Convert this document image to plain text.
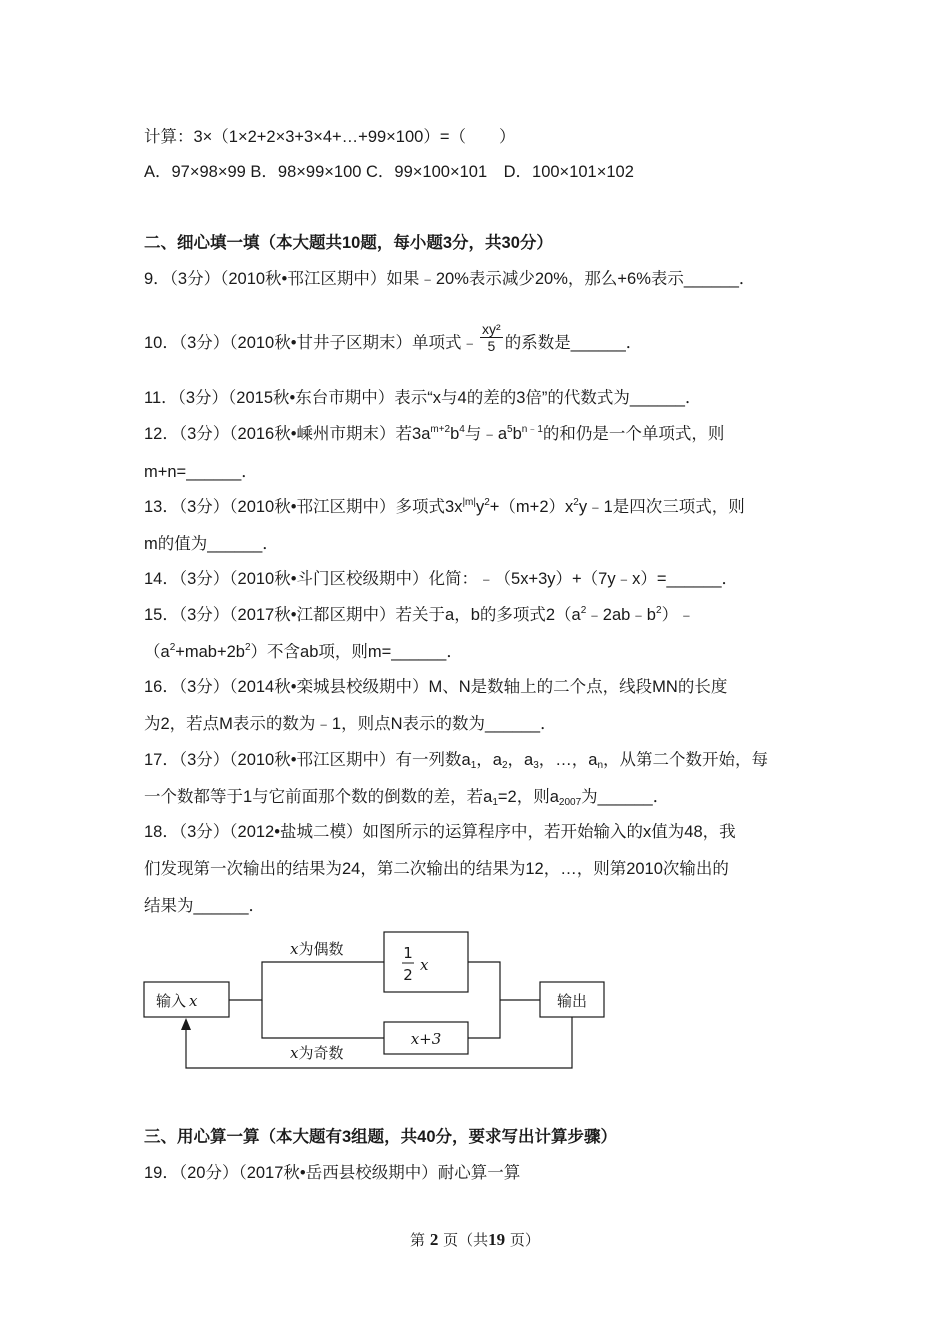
计算：3×（1×2+2×3+3×4+…+99×100）=（　　）
A．97×98×99 B．98×99×100 C．99×100×101　D．100×101×102
二、细心填一填（本大题共10题，每小题3分，共30分）
9．（3分）（2010秋•邗江区期中）如果﹣20%表示减少20%，那么+6%表示______．
10．（3分）（2010秋•甘井子区期末）单项式﹣ $\frac{\text{xy²}}{5}$ 的系数是______．
11．（3分）（2015秋•东台市期中）表示“x与4的差的3倍”的代数式为______．
12．（3分）（2016秋•嵊州市期末）若$3a^{m+2}b^4$与$﹣a^5b^{n﹣1}$的和仍是一个单项式，则
m+n=______．
13．（3分）（2010秋•邗江区期中）多项式$3x^{|m|}y^2+(m+2)x^2y﹣1$是四次三项式，则
m的值为______．
14．（3分）（2010秋•斗门区校级期中）化简：﹣（5x+3y）+（7y﹣x）=______．
15．（3分）（2017秋•江都区期中）若关于a，b的多项式$2(a^2﹣2ab﹣b^2)﹣$
$(a^2+mab+2b^2)$不含ab项，则m=______．
16．（3分）（2014秋•栾城县校级期中）M、N是数轴上的二个点，线段MN的长度
为2，若点M表示的数为﹣1，则点N表示的数为______．
17．（3分）（2010秋•邗江区期中）有一列数$a_1$，$a_2$，$a_3$，…，$a_n$，从第二个数开始，每
一个数都等于1与它前面那个数的倒数的差，若$a_1=2$，则$a_{2007}$为______．
18．（3分）（2012•盐城二模）如图所示的运算程序中，若开始输入的x值为48，我
们发现第一次输出的结果为24，第二次输出的结果为12，…，则第2010次输出的
结果为______．
输入 x
x为偶数
x为奇数
1
2
x
x+3
输出
三、用心算一算（本大题有3组题，共40分，要求写出计算步骤）
19．（20分）（2017秋•岳西县校级期中）耐心算一算
第 2 页（共19 页）
